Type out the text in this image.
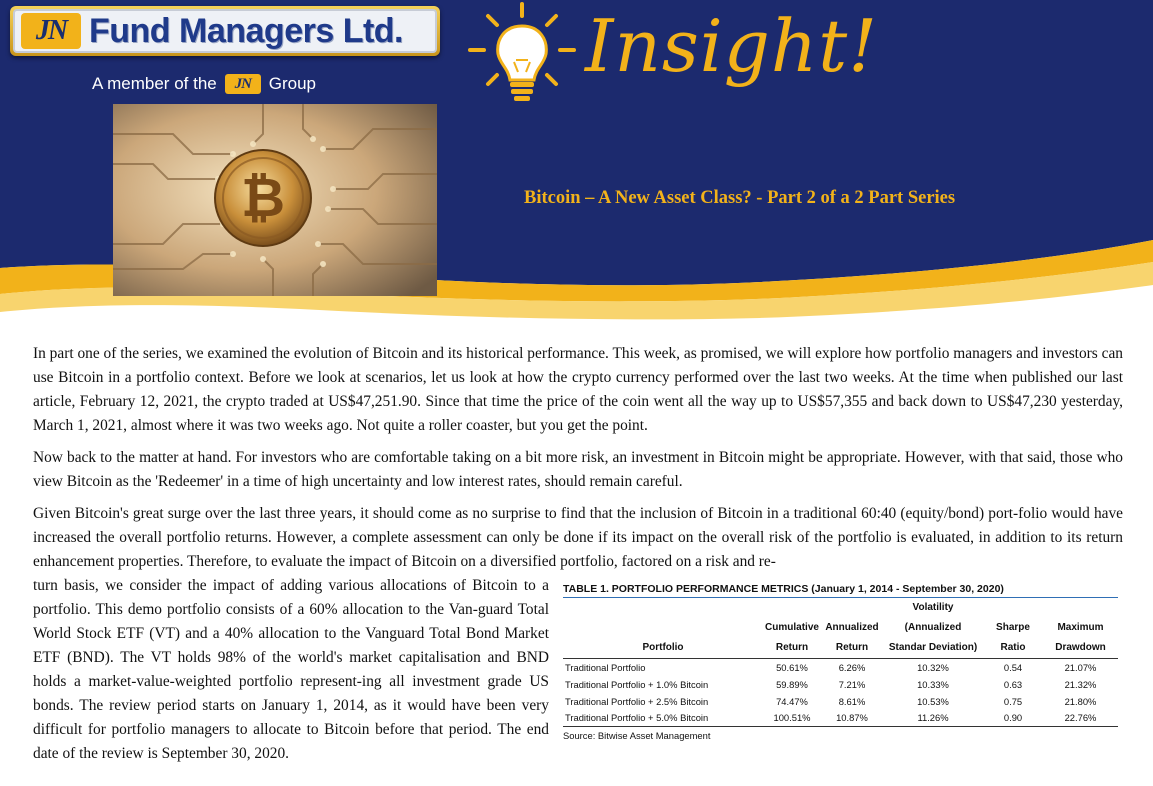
JN Fund Managers Ltd.
A member of the	JN	Group
₿
Insight!
Bitcoin – A New Asset Class? - Part 2 of a 2 Part Series

In part one of the series, we examined the evolution of Bitcoin and its historical performance. This week, as promised, we will explore how portfolio managers and investors can use Bitcoin in a portfolio context. Before we look at scenarios, let us look at how the crypto currency performed over the last two weeks. At the time when published our last article, February 12, 2021, the crypto traded at US$47,251.90. Since that time the price of the coin went all the way up to US$57,355 and back down to US$47,230 yesterday, March 1, 2021, almost where it was two weeks ago. Not quite a roller coaster, but you get the point.

Now back to the matter at hand. For investors who are comfortable taking on a bit more risk, an investment in Bitcoin might be appropriate. However, with that said, those who view Bitcoin as the 'Redeemer' in a time of high uncertainty and low interest rates, should remain careful.

Given Bitcoin's great surge over the last three years, it should come as no surprise to find that the inclusion of Bitcoin in a traditional 60:40 (equity/bond) port-folio would have increased the overall portfolio returns. However, a complete assessment can only be done if its impact on the overall risk of the portfolio is evaluated, in addition to its return enhancement properties. Therefore, to evaluate the impact of Bitcoin on a diversified portfolio, factored on a risk and re-

turn basis, we consider the impact of adding various allocations of Bitcoin to a portfolio. This demo portfolio consists of a 60% allocation to the Van-guard Total World Stock ETF (VT) and a 40% allocation to the Vanguard Total Bond Market ETF (BND). The VT holds 98% of the world's market capitalisation and BND holds a market-value-weighted portfolio represent-ing all investment grade US bonds. The review period starts on January 1, 2014, as it would have been very difficult for portfolio managers to allocate to Bitcoin before that period. The end date of the review is September 30, 2020.

TABLE 1. PORTFOLIO PERFORMANCE METRICS (January 1, 2014 - September 30, 2020)
			Volatility		
	Cumulative	Annualized	(Annualized	Sharpe	Maximum
Portfolio	Return	Return	Standar Deviation)	Ratio	Drawdown
Traditional Portfolio	50.61%	6.26%	10.32%	0.54	21.07%
Traditional Portfolio + 1.0% Bitcoin	59.89%	7.21%	10.33%	0.63	21.32%
Traditional Portfolio + 2.5% Bitcoin	74.47%	8.61%	10.53%	0.75	21.80%
Traditional Portfolio + 5.0% Bitcoin	100.51%	10.87%	11.26%	0.90	22.76%
Source: Bitwise Asset Management
